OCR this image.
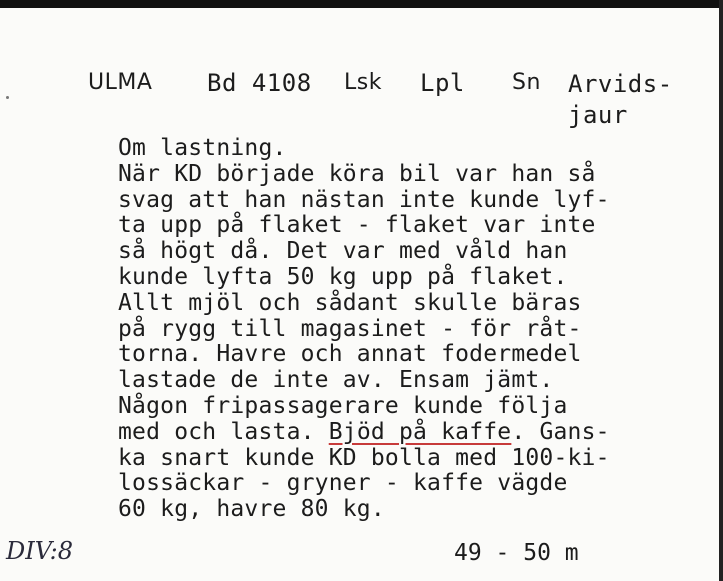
ULMA Bd 4108 Lsk Lpl Sn Arvids-
jaur
Om lastning.
När KD började köra bil var han så
svag att han nästan inte kunde lyf-
ta upp på flaket - flaket var inte
så högt då. Det var med våld han
kunde lyfta 50 kg upp på flaket.
Allt mjöl och sådant skulle bäras
på rygg till magasinet - för råt-
torna. Havre och annat fodermedel
lastade de inte av. Ensam jämt.
Någon fripassagerare kunde följa
med och lasta. Bjöd på kaffe. Gans-
ka snart kunde KD bolla med 100-ki-
lossäckar - gryner - kaffe vägde
60 kg, havre 80 kg.
49 - 50 m
DIV:8
